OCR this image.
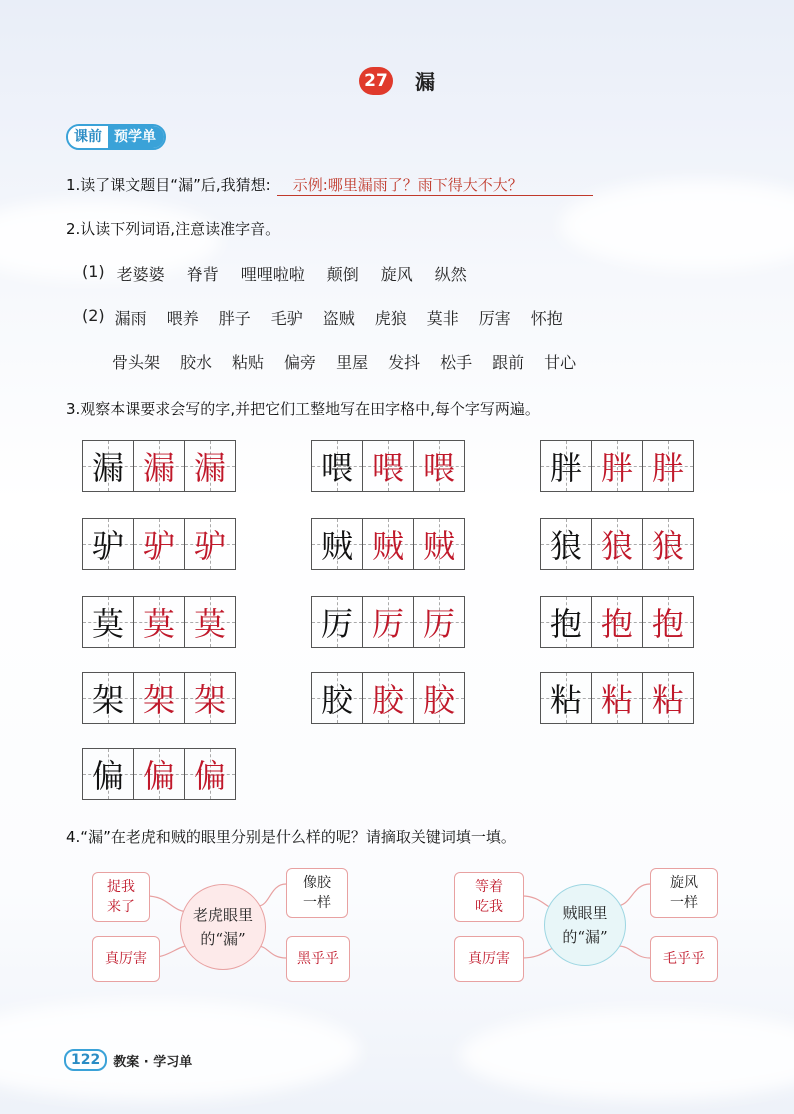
27 漏
课前 预学单
1.读了课文题目“漏”后,我猜想: 示例:哪里漏雨了？雨下得大不大？
2.认读下列词语,注意读准字音。
(1) 老婆婆 脊背 哩哩啦啦 颠倒 旋风 纵然
(2) 漏雨 喂养 胖子 毛驴 盗贼 虎狼 莫非 厉害 怀抱
骨头架 胶水 粘贴 偏旁 里屋 发抖 松手 跟前 甘心
3.观察本课要求会写的字,并把它们工整地写在田字格中,每个字写两遍。
漏 漏 漏	喂 喂 喂	胖 胖 胖
驴 驴 驴	贼 贼 贼	狼 狼 狼
莫 莫 莫	厉 厉 厉	抱 抱 抱
架 架 架	胶 胶 胶	粘 粘 粘
偏 偏 偏
4.“漏”在老虎和贼的眼里分别是什么样的呢？请摘取关键词填一填。
捉我
来了
像胶
一样
真厉害	黑乎乎
老虎眼里
的“漏”
等着
吃我
旋风
一样
真厉害	毛乎乎
贼眼里
的“漏”
122	教案 · 学习单
